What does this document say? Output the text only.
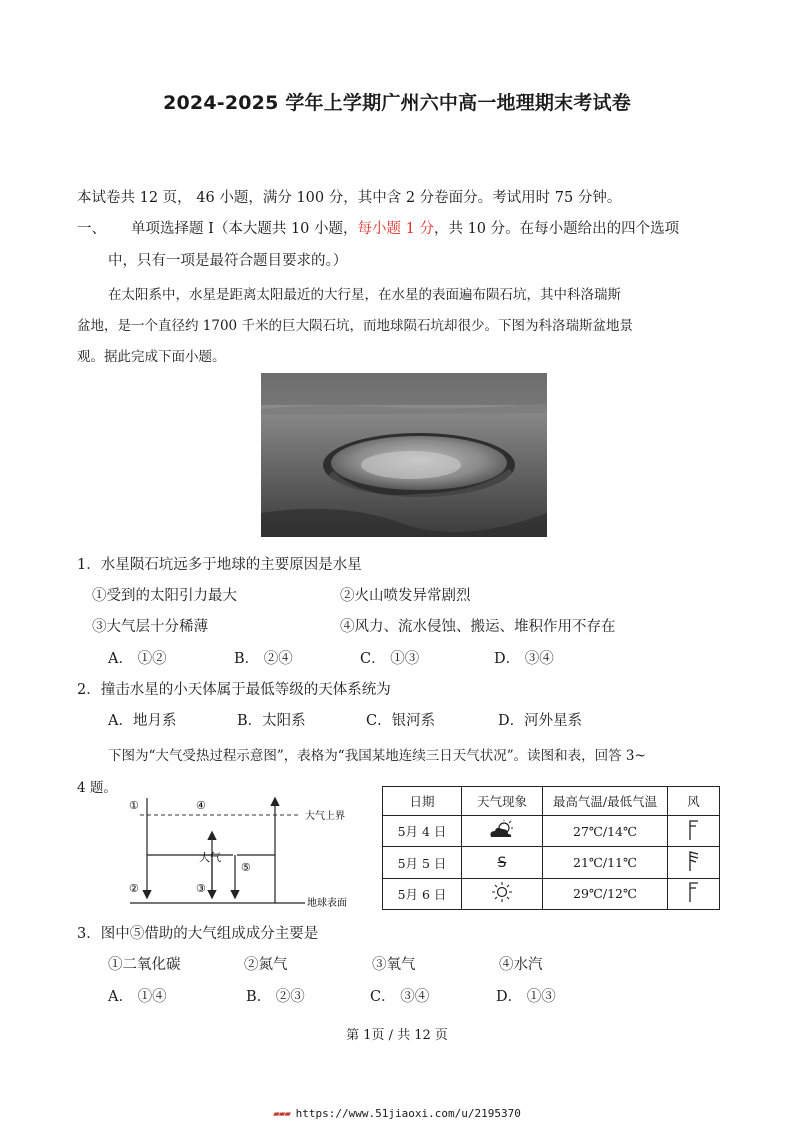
2024-2025 学年上学期广州六中高一地理期末考试卷
本试卷共 12 页， 46 小题，满分 100 分，其中含 2 分卷面分。考试用时 75 分钟。
一、 单项选择题 Ⅰ（本大题共 10 小题，每小题 1 分，共 10 分。在每小题给出的四个选项
中，只有一项是最符合题目要求的。）
在太阳系中，水星是距离太阳最近的大行星，在水星的表面遍布陨石坑，其中科洛瑞斯
盆地，是一个直径约 1700 千米的巨大陨石坑，而地球陨石坑却很少。下图为科洛瑞斯盆地景
观。据此完成下面小题。
1．水星陨石坑远多于地球的主要原因是水星
①受到的太阳引力最大	②火山喷发异常剧烈
③大气层十分稀薄	④风力、流水侵蚀、搬运、堆积作用不存在
A． ①②	B． ②④	C． ①③	D． ③④
2．撞击水星的小天体属于最低等级的天体系统为
A．地月系	B．太阳系	C．银河系	D．河外星系
下图为“大气受热过程示意图”，表格为“我国某地连续三日天气状况”。读图和表，回答 3~
4 题。
①	④
大气
⑤
②	③
大气上界
地球表面
日期	天气现象	最高气温/最低气温	风
5月 4 日		27℃/14℃	
5月 5 日	S	21℃/11℃	
5月 6 日		29℃/12℃	
3．图中⑤借助的大气组成成分主要是
①二氧化碳	②氮气	③氧气	④水汽
A． ①④	B． ②③	C． ③④	D． ①③
第 1页 / 共 12 页
▰▰▰ https://www.51jiaoxi.com/u/2195370
